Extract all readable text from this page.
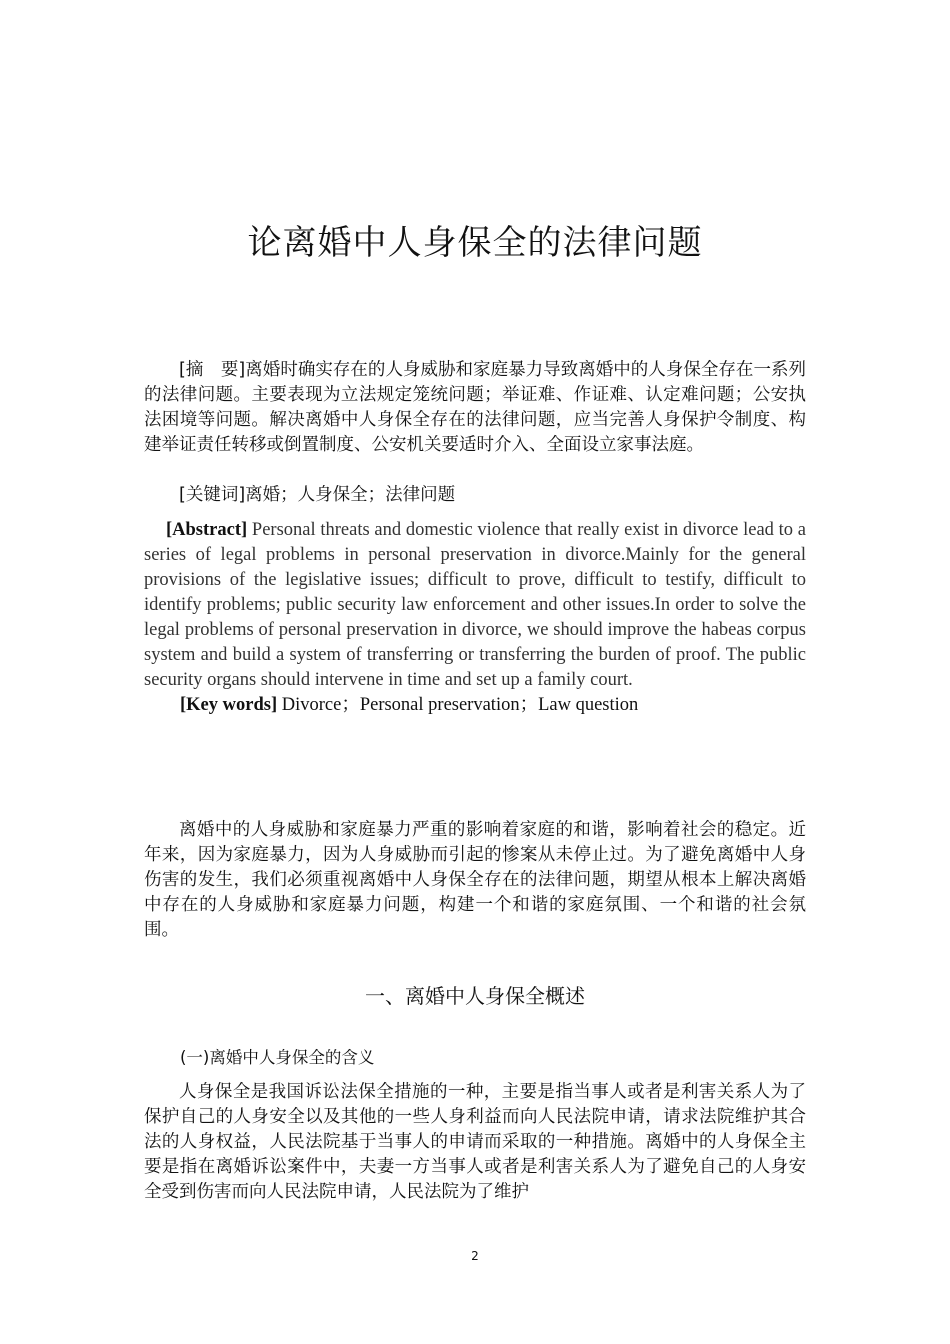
论离婚中人身保全的法律问题

[摘　要]离婚时确实存在的人身威胁和家庭暴力导致离婚中的人身保全存在一系列的法律问题。主要表现为立法规定笼统问题；举证难、作证难、认定难问题；公安执法困境等问题。解决离婚中人身保全存在的法律问题，应当完善人身保护令制度、构建举证责任转移或倒置制度、公安机关要适时介入、全面设立家事法庭。

[关键词]离婚；人身保全；法律问题

[Abstract] Personal threats and domestic violence that really exist in divorce lead to a series of legal problems in personal preservation in divorce.Mainly for the general provisions of the legislative issues; difficult to prove, difficult to testify, difficult to identify problems; public security law enforcement and other issues.In order to solve the legal problems of personal preservation in divorce, we should improve the habeas corpus system and build a system of transferring or transferring the burden of proof. The public security organs should intervene in time and set up a family court.

[Key words] Divorce；Personal preservation；Law question

离婚中的人身威胁和家庭暴力严重的影响着家庭的和谐，影响着社会的稳定。近年来，因为家庭暴力，因为人身威胁而引起的惨案从未停止过。为了避免离婚中人身伤害的发生，我们必须重视离婚中人身保全存在的法律问题，期望从根本上解决离婚中存在的人身威胁和家庭暴力问题，构建一个和谐的家庭氛围、一个和谐的社会氛围。

一、离婚中人身保全概述
(一)离婚中人身保全的含义

人身保全是我国诉讼法保全措施的一种，主要是指当事人或者是利害关系人为了保护自己的人身安全以及其他的一些人身利益而向人民法院申请，请求法院维护其合法的人身权益，人民法院基于当事人的申请而采取的一种措施。离婚中的人身保全主要是指在离婚诉讼案件中，夫妻一方当事人或者是利害关系人为了避免自己的人身安全受到伤害而向人民法院申请，人民法院为了维护

2
